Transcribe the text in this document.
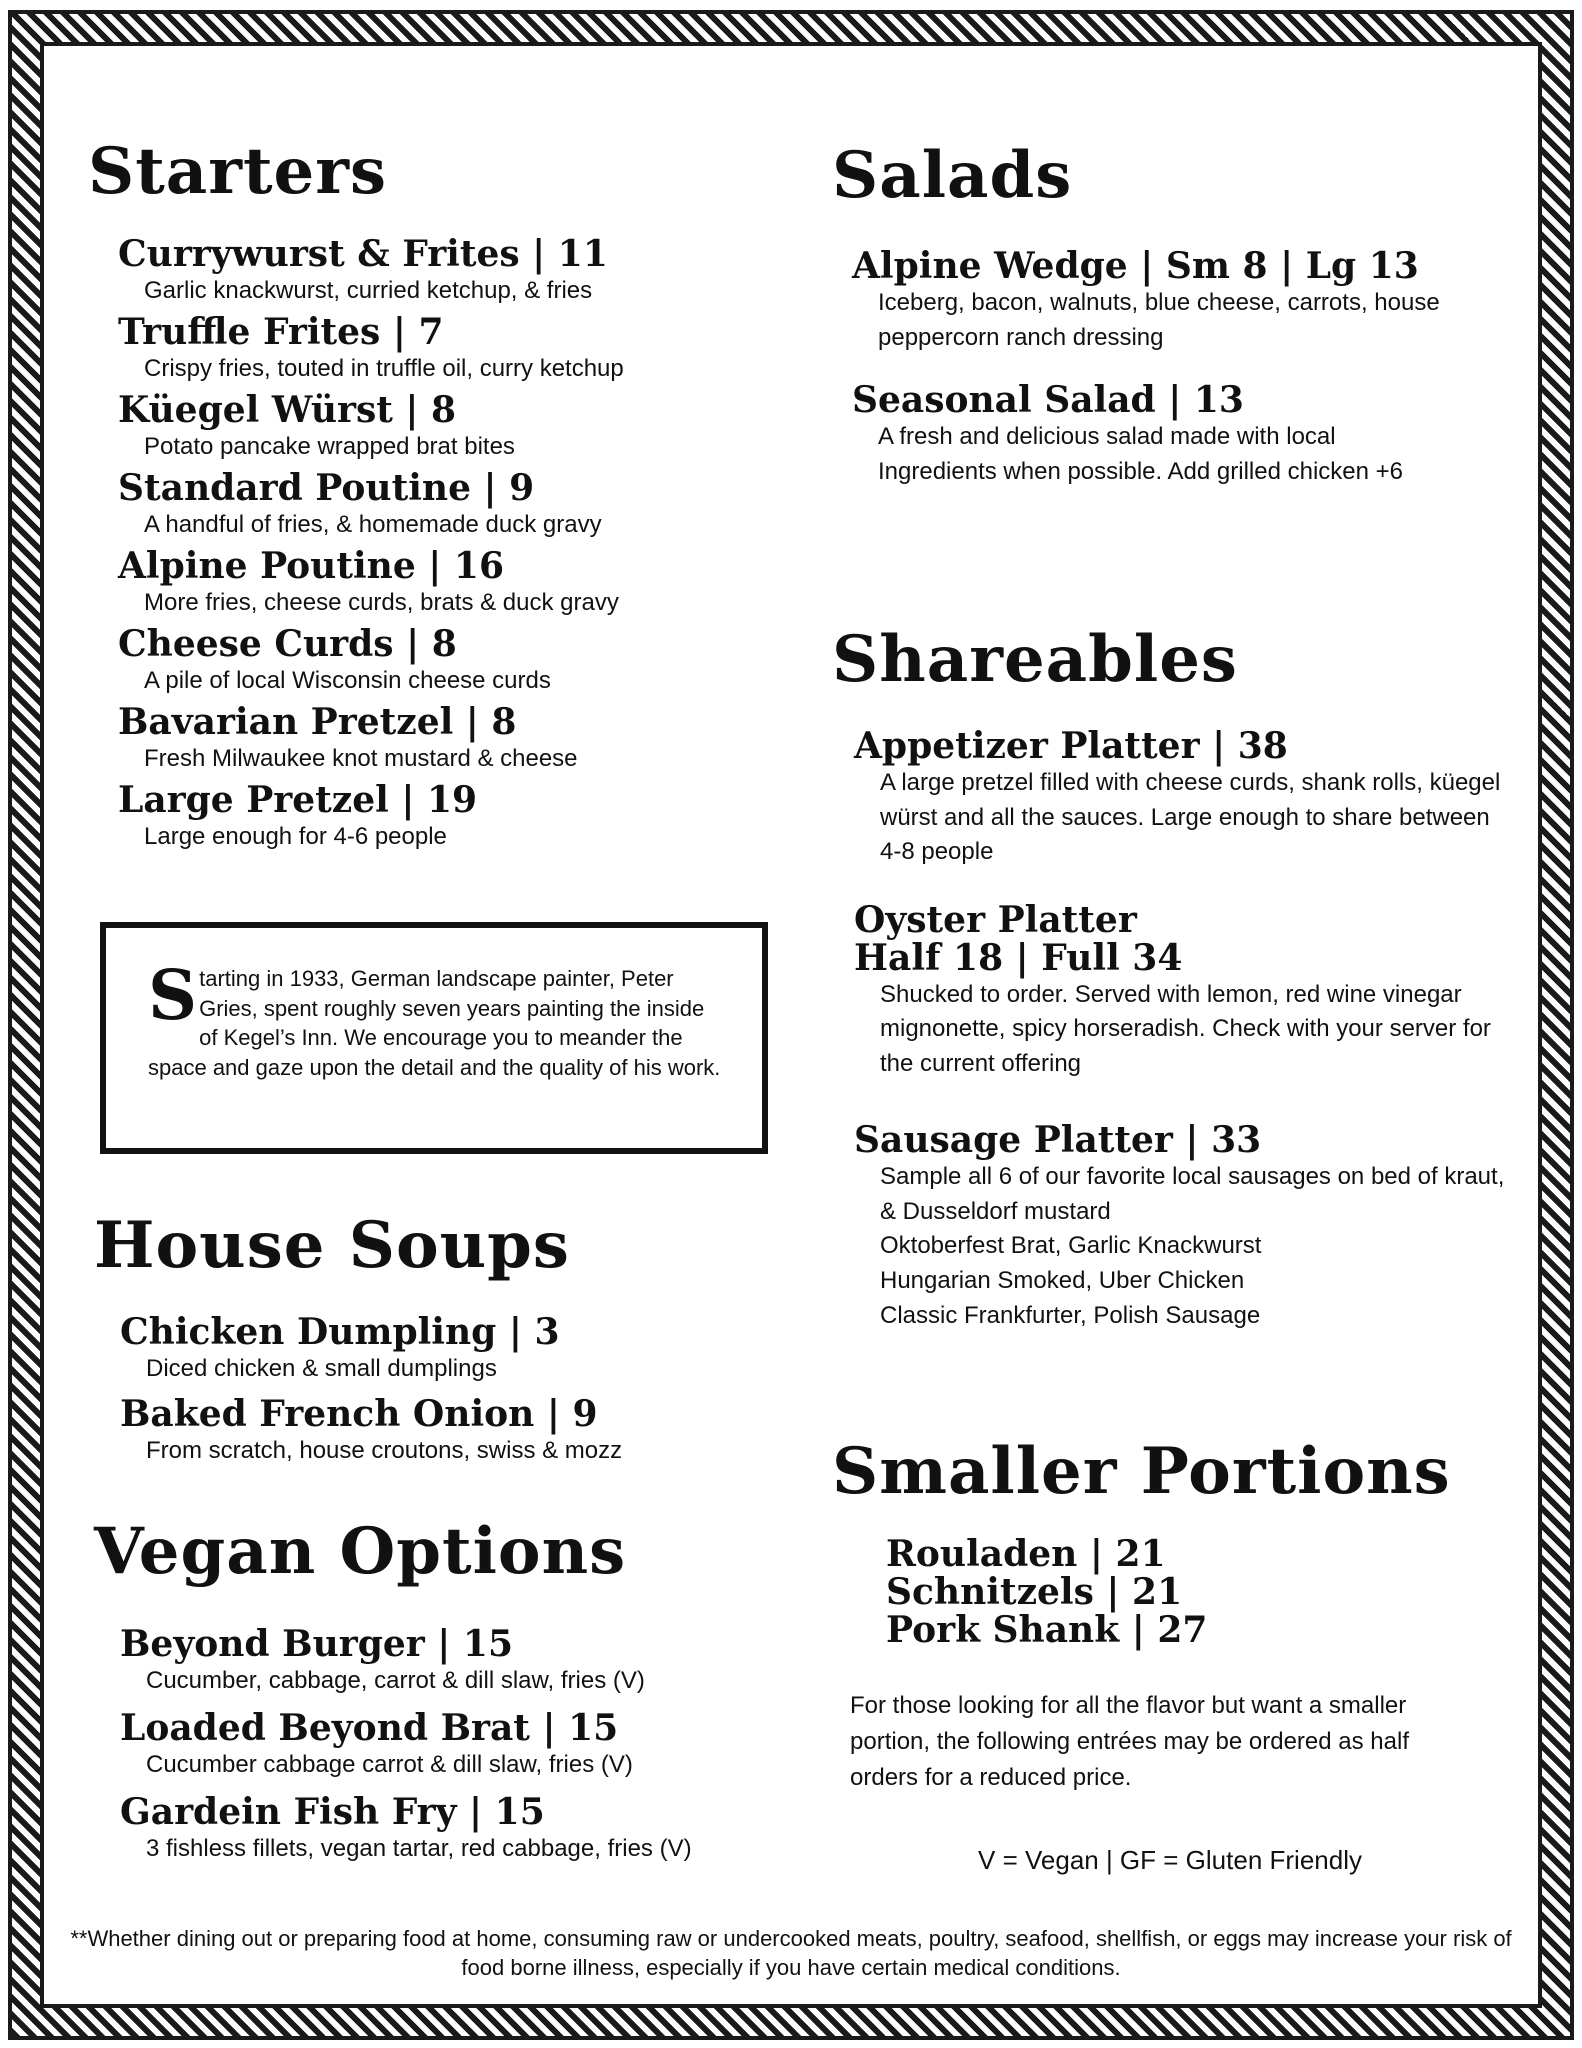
Starters
Currywurst & Frites | 11
Garlic knackwurst, curried ketchup, & fries
Truffle Frites | 7
Crispy fries, touted in truffle oil, curry ketchup
Küegel Würst | 8
Potato pancake wrapped brat bites
Standard Poutine | 9
A handful of fries, & homemade duck gravy
Alpine Poutine | 16
More fries, cheese curds, brats & duck gravy
Cheese Curds | 8
A pile of local Wisconsin cheese curds
Bavarian Pretzel | 8
Fresh Milwaukee knot mustard & cheese
Large Pretzel | 19
Large enough for 4-6 people
S tarting in 1933, German landscape painter, Peter Gries, spent roughly seven years painting the inside of Kegel’s Inn. We encourage you to meander the space and gaze upon the detail and the quality of his work.
House Soups
Chicken Dumpling | 3
Diced chicken & small dumplings
Baked French Onion | 9
From scratch, house croutons, swiss & mozz
Vegan Options
Beyond Burger | 15
Cucumber, cabbage, carrot & dill slaw, fries (V)
Loaded Beyond Brat | 15
Cucumber cabbage carrot & dill slaw, fries (V)
Gardein Fish Fry | 15
3 fishless fillets, vegan tartar, red cabbage, fries (V)
Salads
Alpine Wedge | Sm 8 | Lg 13
Iceberg, bacon, walnuts, blue cheese, carrots, house peppercorn ranch dressing
Seasonal Salad | 13
A fresh and delicious salad made with local Ingredients when possible. Add grilled chicken +6
Shareables
Appetizer Platter | 38
A large pretzel filled with cheese curds, shank rolls, küegel würst and all the sauces. Large enough to share between 4-8 people
Oyster Platter
Half 18 | Full 34
Shucked to order. Served with lemon, red wine vinegar mignonette, spicy horseradish. Check with your server for the current offering
Sausage Platter | 33
Sample all 6 of our favorite local sausages on bed of kraut, & Dusseldorf mustard
Oktoberfest Brat, Garlic Knackwurst
Hungarian Smoked, Uber Chicken
Classic Frankfurter, Polish Sausage
Smaller Portions
Rouladen | 21
Schnitzels | 21
Pork Shank | 27
For those looking for all the flavor but want a smaller portion, the following entrées may be ordered as half orders for a reduced price.
V = Vegan | GF = Gluten Friendly
**Whether dining out or preparing food at home, consuming raw or undercooked meats, poultry, seafood, shellfish, or eggs may increase your risk of food borne illness, especially if you have certain medical conditions.
